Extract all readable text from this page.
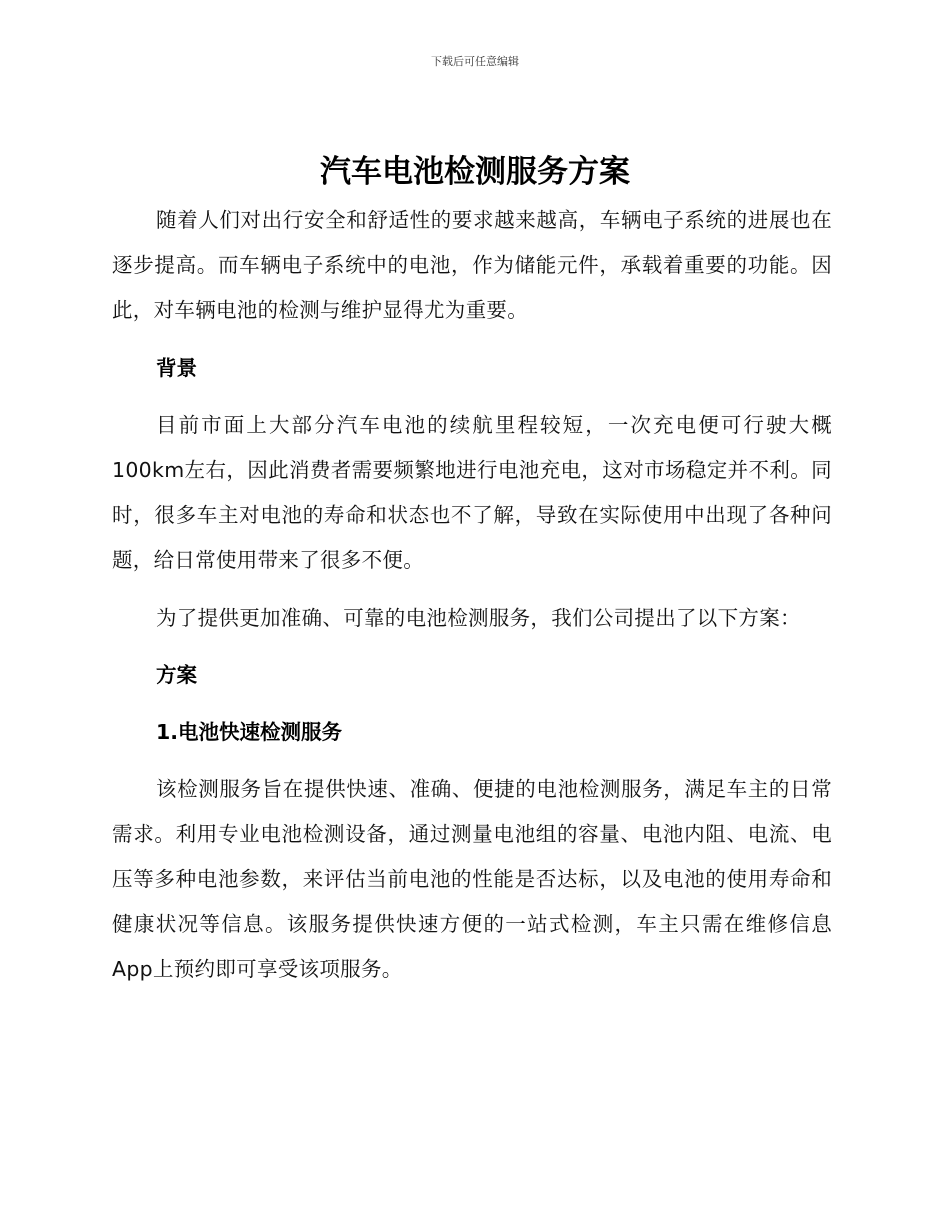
下载后可任意编辑
汽车电池检测服务方案

随着人们对出行安全和舒适性的要求越来越高，车辆电子系统的进展也在逐步提高。而车辆电子系统中的电池，作为储能元件，承载着重要的功能。因此，对车辆电池的检测与维护显得尤为重要。

背景

目前市面上大部分汽车电池的续航里程较短，一次充电便可行驶大概100km左右，因此消费者需要频繁地进行电池充电，这对市场稳定并不利。同时，很多车主对电池的寿命和状态也不了解，导致在实际使用中出现了各种问题，给日常使用带来了很多不便。

为了提供更加准确、可靠的电池检测服务，我们公司提出了以下方案：

方案
1.电池快速检测服务

该检测服务旨在提供快速、准确、便捷的电池检测服务，满足车主的日常需求。利用专业电池检测设备，通过测量电池组的容量、电池内阻、电流、电压等多种电池参数，来评估当前电池的性能是否达标，以及电池的使用寿命和健康状况等信息。该服务提供快速方便的一站式检测，车主只需在维修信息App上预约即可享受该项服务。
